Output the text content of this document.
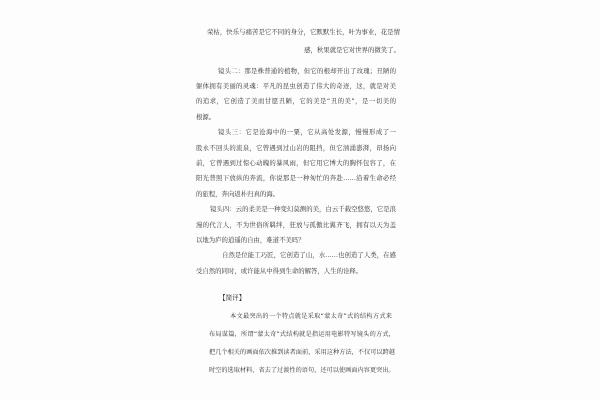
荣枯，快乐与痛苦是它不同的身分，它默默生长，叶为事业，花是情
感，秋果就是它对世界的微笑了。
镜头二：那是株普通的植物，但它的根却开出了玫瑰；丑陋的
躯体拥有美丽的灵魂：平凡的昆虫创造了伟大的奇迹，这，就是对美
的追求，它创造了美而甘愿丑陋，它的美是“丑的美”，是一切美的
根源。
镜头三：它是沧海中的一粟，它从高处发源，慢慢形成了一
股永不回头的流泉，它曾遇到过山岩的阻挡，但它汹涌澎湃，昂扬向
前，它曾遇到过惊心动魄的暴风雨，但它用它博大的胸怀包容了，在
阳光普照下放纵的奔流，你说那是一种匆忙的奔赴……沿着生命必经
的旅程，奔向返朴归真的海。
镜头四：云的柔美是一种变幻莫测的美，白云千载空悠悠，它是浪
漫的代言人，不为世俗所羁绊，狂放与孤傲比翼齐飞，拥有以天为盖
以地为庐的逍遥的自由，难道不美吗？
自然是位能工巧匠，它创造了山，水……也创造了人类，在感
受自然的同时，或许能从中得到生命的解答，人生的诠释。
【简评】
本文最突出的一个特点就是采取“蒙太奇”式的结构方式来
布局谋篇，所谓“蒙太奇”式结构就是指运用电影特写镜头的方式，
把几个相关的画面依次推到读者面前，采用这种方法，不仅可以跨越
时空的选取材料，省去了过渡性的语句，还可以使画面内容更突出。
